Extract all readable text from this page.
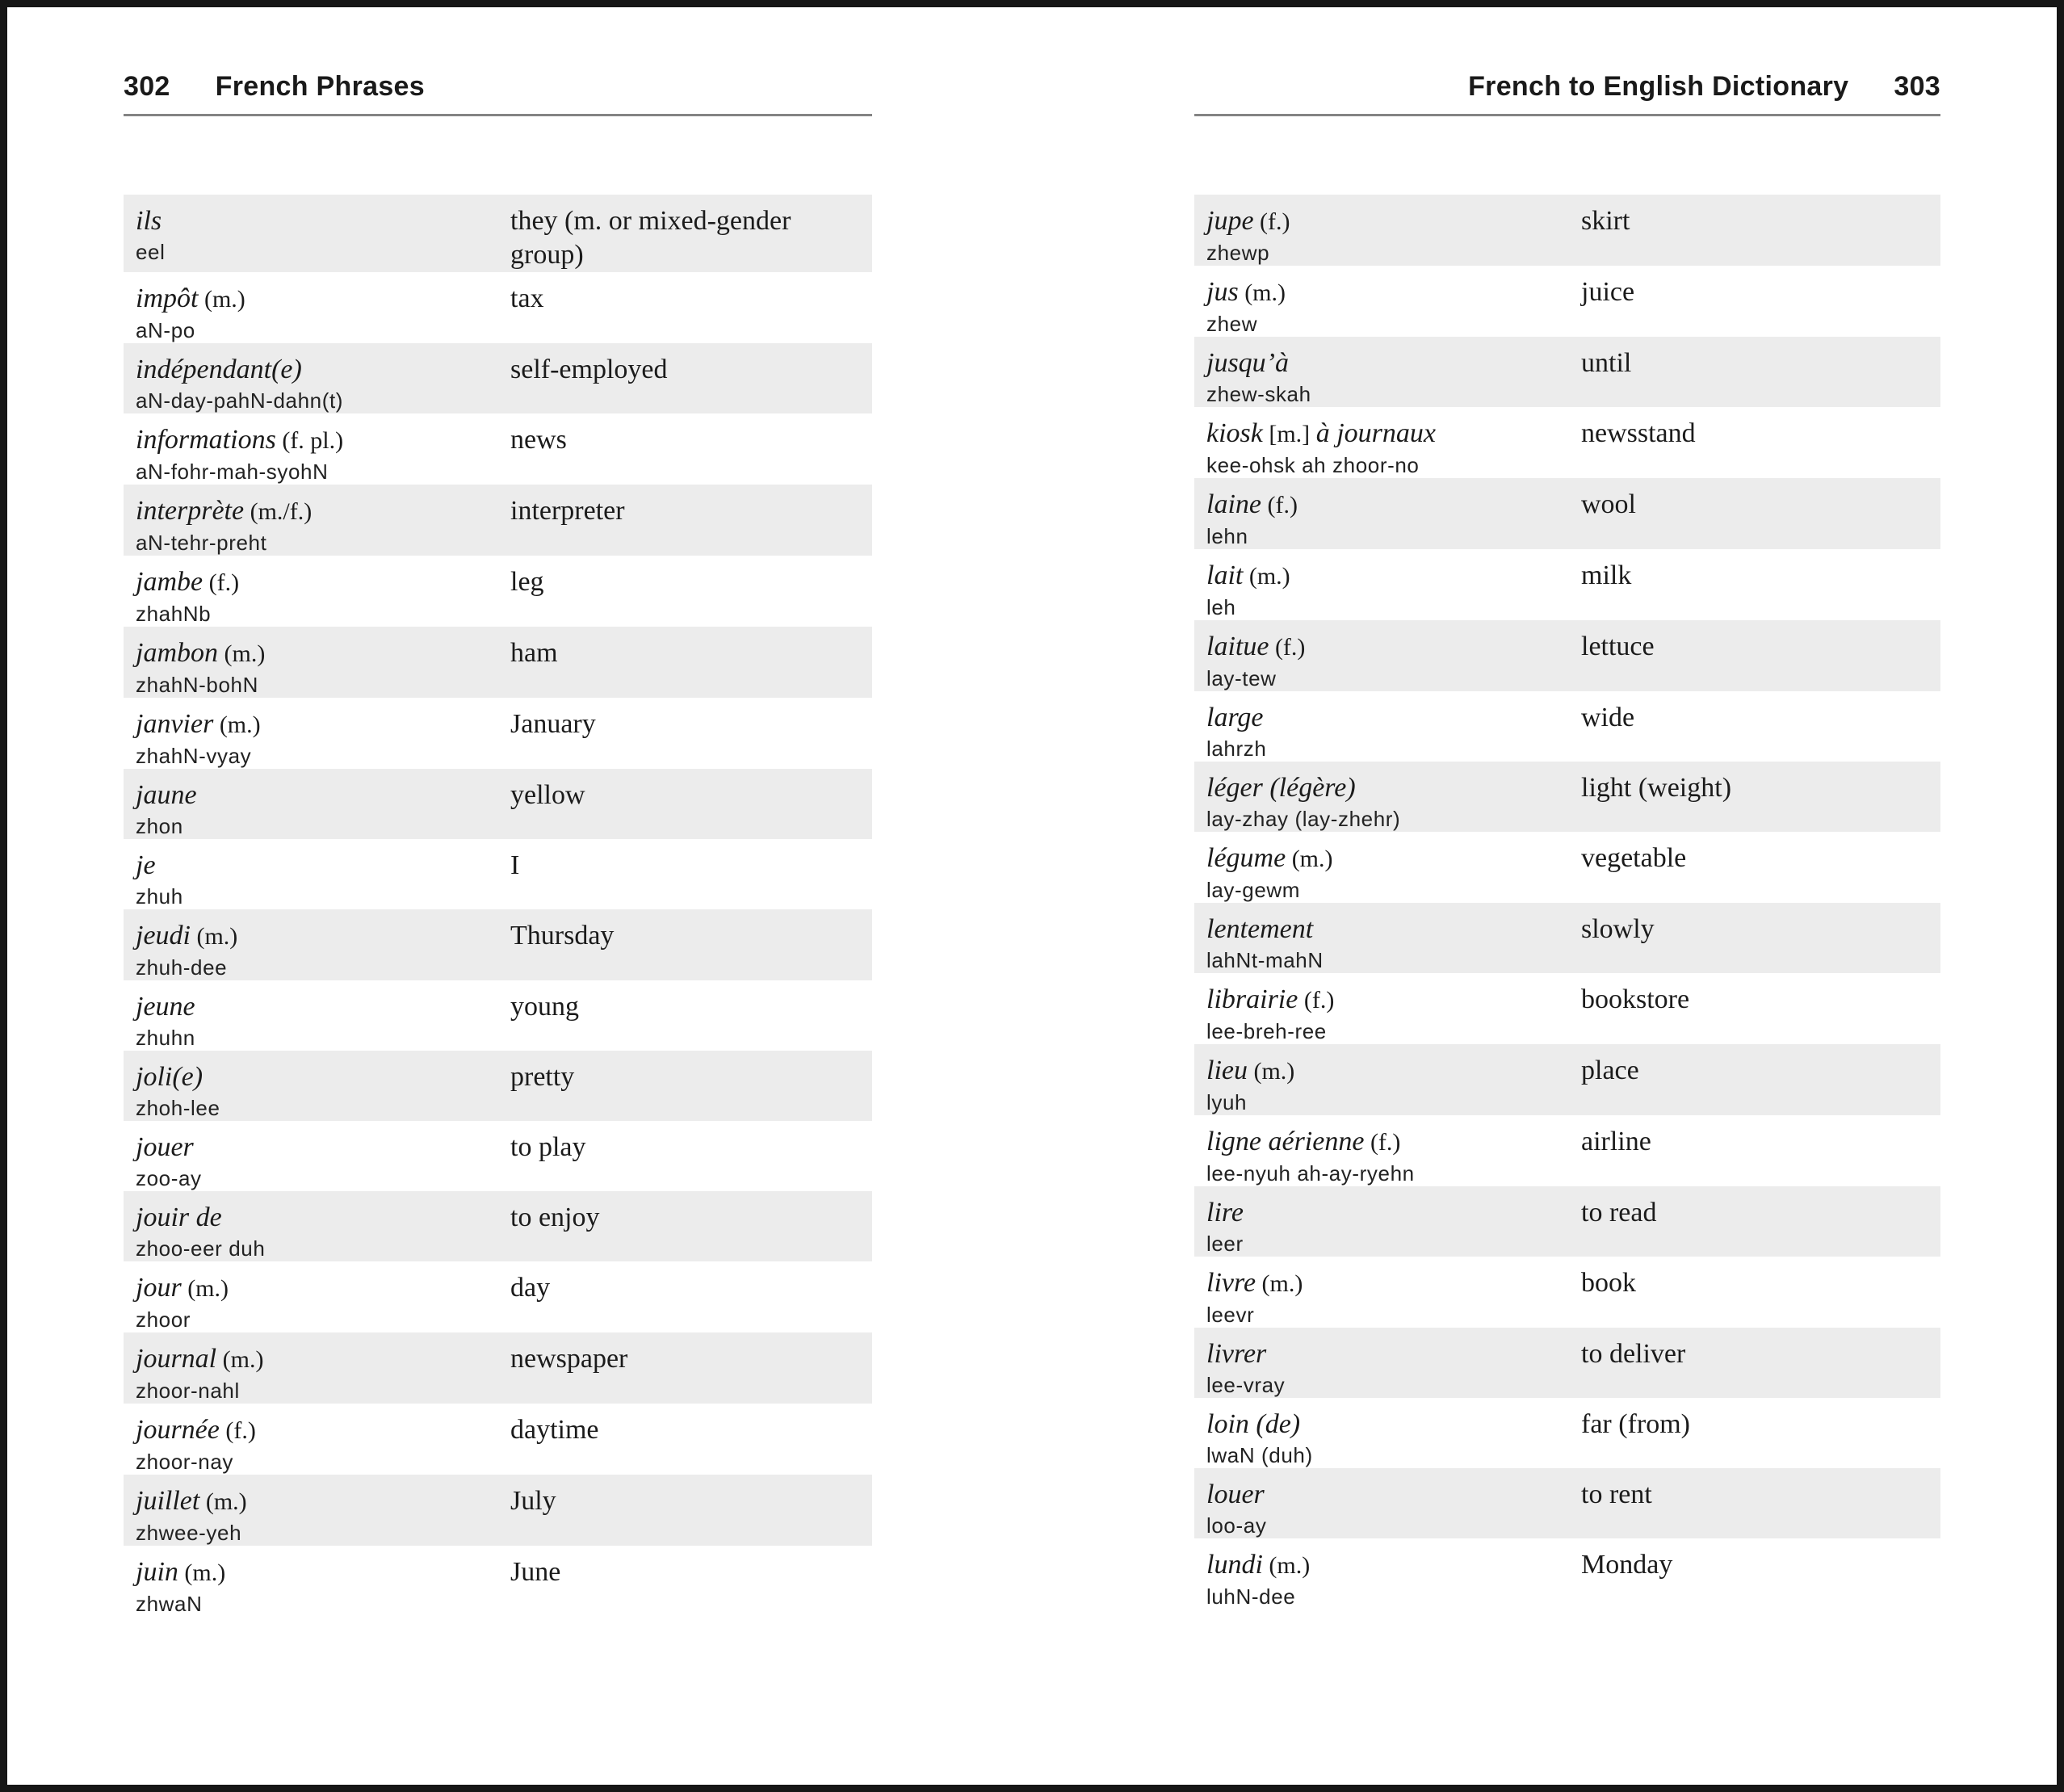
302 French Phrases
ils
eel
they (m. or mixed-gender group)
impôt (m.)
aN-po
tax
indépendant(e)
aN-day-pahN-dahn(t)
self-employed
informations (f. pl.)
aN-fohr-mah-syohN
news
interprète (m./f.)
aN-tehr-preht
interpreter
jambe (f.)
zhahNb
leg
jambon (m.)
zhahN-bohN
ham
janvier (m.)
zhahN-vyay
January
jaune
zhon
yellow
je
zhuh
I
jeudi (m.)
zhuh-dee
Thursday
jeune
zhuhn
young
joli(e)
zhoh-lee
pretty
jouer
zoo-ay
to play
jouir de
zhoo-eer duh
to enjoy
jour (m.)
zhoor
day
journal (m.)
zhoor-nahl
newspaper
journée (f.)
zhoor-nay
daytime
juillet (m.)
zhwee-yeh
July
juin (m.)
zhwaN
June
French to English Dictionary 303
jupe (f.)
zhewp
skirt
jus (m.)
zhew
juice
jusqu’à
zhew-skah
until
kiosk [m.] à journaux
kee-ohsk ah zhoor-no
newsstand
laine (f.)
lehn
wool
lait (m.)
leh
milk
laitue (f.)
lay-tew
lettuce
large
lahrzh
wide
léger (légère)
lay-zhay (lay-zhehr)
light (weight)
légume (m.)
lay-gewm
vegetable
lentement
lahNt-mahN
slowly
librairie (f.)
lee-breh-ree
bookstore
lieu (m.)
lyuh
place
ligne aérienne (f.)
lee-nyuh ah-ay-ryehn
airline
lire
leer
to read
livre (m.)
leevr
book
livrer
lee-vray
to deliver
loin (de)
lwaN (duh)
far (from)
louer
loo-ay
to rent
lundi (m.)
luhN-dee
Monday
